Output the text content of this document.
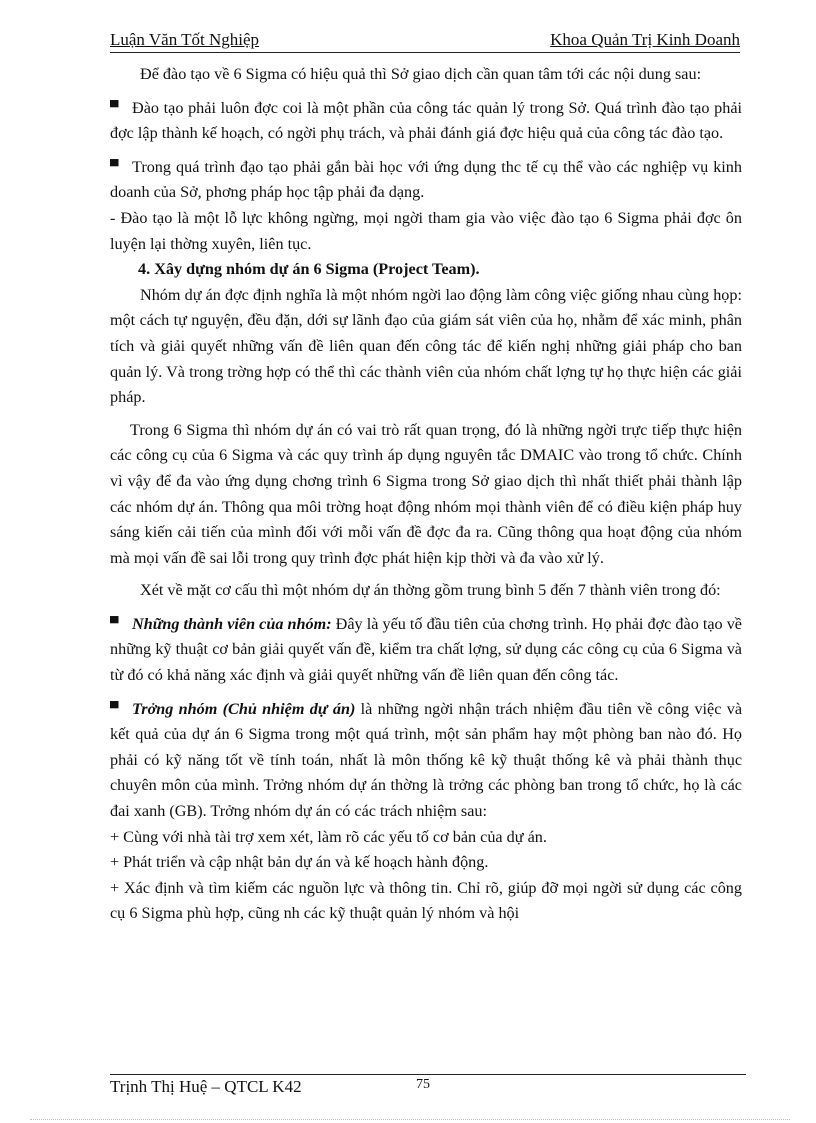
Luận Văn Tốt Nghiệp	Khoa Quản Trị Kinh Doanh

Để đào tạo về 6 Sigma có hiệu quả thì Sở giao dịch cần quan tâm tới các nội dung sau:

▀ Đào tạo phải luôn đợc coi là một phần của công tác quản lý trong Sở. Quá trình đào tạo phải đợc lập thành kế hoạch, có ngời phụ trách, và phải đánh giá đợc hiệu quả của công tác đào tạo.

▀ Trong quá trình đạo tạo phải gắn bài học với ứng dụng thc tế cụ thể vào các nghiệp vụ kinh doanh của Sở, phơng pháp học tập phải đa dạng.

- Đào tạo là một lỗ lực không ngừng, mọi ngời tham gia vào việc đào tạo 6 Sigma phải đợc ôn luyện lại thờng xuyên, liên tục.

4. Xây dựng nhóm dự án 6 Sigma (Project Team).

Nhóm dự án đợc định nghĩa là một nhóm ngời lao động làm công việc giống nhau cùng họp: một cách tự nguyện, đều đặn, dới sự lãnh đạo của giám sát viên của họ, nhằm để xác minh, phân tích và giải quyết những vấn đề liên quan đến công tác để kiến nghị những giải pháp cho ban quản lý. Và trong trờng hợp có thể thì các thành viên của nhóm chất lợng tự họ thực hiện các giải pháp.

Trong 6 Sigma thì nhóm dự án có vai trò rất quan trọng, đó là những ngời trực tiếp thực hiện các công cụ của 6 Sigma và các quy trình áp dụng nguyên tắc DMAIC vào trong tổ chức. Chính vì vậy để đa vào ứng dụng chơng trình 6 Sigma trong Sở giao dịch thì nhất thiết phải thành lập các nhóm dự án. Thông qua môi trờng hoạt động nhóm mọi thành viên để có điều kiện pháp huy sáng kiến cải tiến của mình đối với mỗi vấn đề đợc đa ra. Cũng thông qua hoạt động của nhóm mà mọi vấn đề sai lỗi trong quy trình đợc phát hiện kịp thời và đa vào xử lý.

Xét về mặt cơ cấu thì một nhóm dự án thờng gồm trung bình 5 đến 7 thành viên trong đó:

▀ Những thành viên của nhóm: Đây là yếu tố đầu tiên của chơng trình. Họ phải đợc đào tạo về những kỹ thuật cơ bản giải quyết vấn đề, kiểm tra chất lợng, sử dụng các công cụ của 6 Sigma và từ đó có khả năng xác định và giải quyết những vấn đề liên quan đến công tác.

▀ Trởng nhóm (Chủ nhiệm dự án) là những ngời nhận trách nhiệm đầu tiên về công việc và kết quả của dự án 6 Sigma trong một quá trình, một sản phẩm hay một phòng ban nào đó. Họ phải có kỹ năng tốt về tính toán, nhất là môn thống kê kỹ thuật thống kê và phải thành thục chuyên môn của mình. Trởng nhóm dự án thờng là trởng các phòng ban trong tổ chức, họ là các đai xanh (GB). Trởng nhóm dự án có các trách nhiệm sau:

+ Cùng với nhà tài trợ xem xét, làm rõ các yếu tố cơ bản của dự án.

+ Phát triển và cập nhật bản dự án và kế hoạch hành động.

+ Xác định và tìm kiếm các nguồn lực và thông tin. Chỉ rõ, giúp đỡ mọi ngời sử dụng các công cụ 6 Sigma phù hợp, cũng nh các kỹ thuật quản lý nhóm và hội

Trịnh Thị Huệ – QTCL K42	75
